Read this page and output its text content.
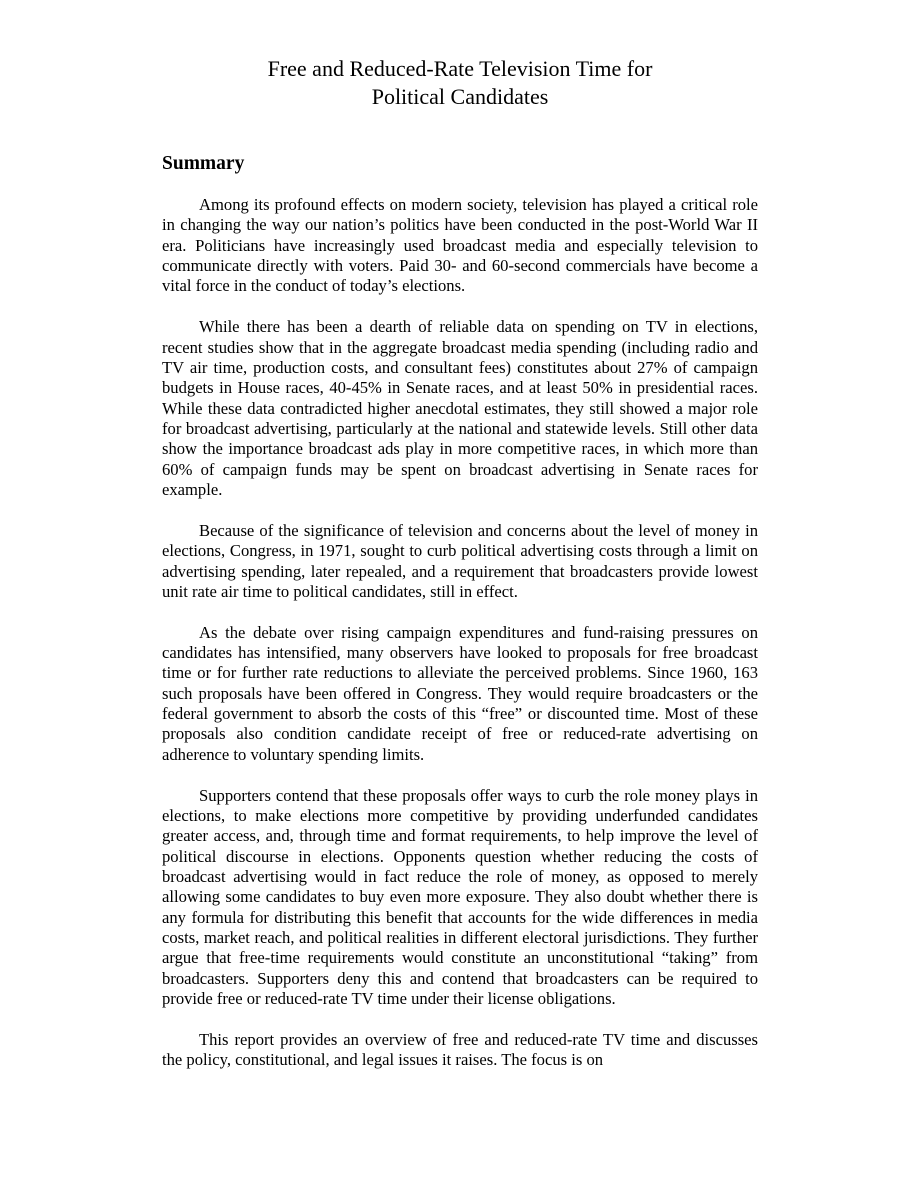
Free and Reduced-Rate Television Time for
Political Candidates
Summary

Among its profound effects on modern society, television has played a critical role in changing the way our nation’s politics have been conducted in the post-World War II era. Politicians have increasingly used broadcast media and especially television to communicate directly with voters. Paid 30- and 60-second commercials have become a vital force in the conduct of today’s elections.

While there has been a dearth of reliable data on spending on TV in elections, recent studies show that in the aggregate broadcast media spending (including radio and TV air time, production costs, and consultant fees) constitutes about 27% of campaign budgets in House races, 40-45% in Senate races, and at least 50% in presidential races. While these data contradicted higher anecdotal estimates, they still showed a major role for broadcast advertising, particularly at the national and statewide levels. Still other data show the importance broadcast ads play in more competitive races, in which more than 60% of campaign funds may be spent on broadcast advertising in Senate races for example.

Because of the significance of television and concerns about the level of money in elections, Congress, in 1971, sought to curb political advertising costs through a limit on advertising spending, later repealed, and a requirement that broadcasters provide lowest unit rate air time to political candidates, still in effect.

As the debate over rising campaign expenditures and fund-raising pressures on candidates has intensified, many observers have looked to proposals for free broadcast time or for further rate reductions to alleviate the perceived problems. Since 1960, 163 such proposals have been offered in Congress. They would require broadcasters or the federal government to absorb the costs of this “free” or discounted time. Most of these proposals also condition candidate receipt of free or reduced-rate advertising on adherence to voluntary spending limits.

Supporters contend that these proposals offer ways to curb the role money plays in elections, to make elections more competitive by providing underfunded candidates greater access, and, through time and format requirements, to help improve the level of political discourse in elections. Opponents question whether reducing the costs of broadcast advertising would in fact reduce the role of money, as opposed to merely allowing some candidates to buy even more exposure. They also doubt whether there is any formula for distributing this benefit that accounts for the wide differences in media costs, market reach, and political realities in different electoral jurisdictions. They further argue that free-time requirements would constitute an unconstitutional “taking” from broadcasters. Supporters deny this and contend that broadcasters can be required to provide free or reduced-rate TV time under their license obligations.

This report provides an overview of free and reduced-rate TV time and discusses the policy, constitutional, and legal issues it raises. The focus is on
